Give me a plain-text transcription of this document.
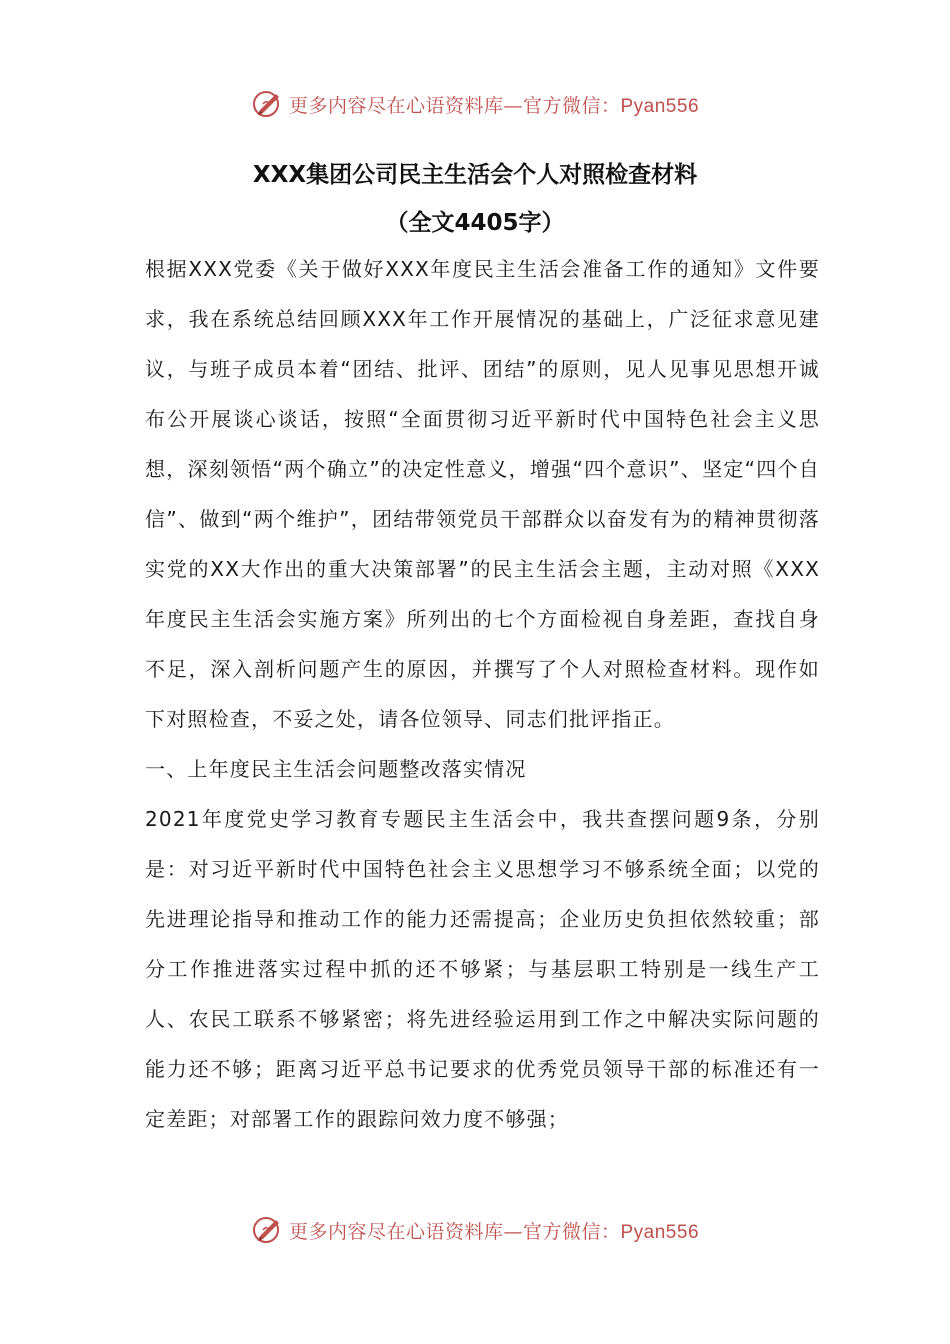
更多内容尽在心语资料库—官方微信：Pyan556
XXX集团公司民主生活会个人对照检查材料
（全文4405字）

根据XXX党委《关于做好XXX年度民主生活会准备工作的通知》文件要求，我在系统总结回顾XXX年工作开展情况的基础上，广泛征求意见建议，与班子成员本着“团结、批评、团结”的原则，见人见事见思想开诚布公开展谈心谈话，按照“全面贯彻习近平新时代中国特色社会主义思想，深刻领悟“两个确立”的决定性意义，增强“四个意识”、坚定“四个自信”、做到“两个维护”，团结带领党员干部群众以奋发有为的精神贯彻落实党的XX大作出的重大决策部署”的民主生活会主题，主动对照《XXX年度民主生活会实施方案》所列出的七个方面检视自身差距，查找自身不足，深入剖析问题产生的原因，并撰写了个人对照检查材料。现作如下对照检查，不妥之处，请各位领导、同志们批评指正。

一、上年度民主生活会问题整改落实情况

2021年度党史学习教育专题民主生活会中，我共查摆问题9条，分别是：对习近平新时代中国特色社会主义思想学习不够系统全面；以党的先进理论指导和推动工作的能力还需提高；企业历史负担依然较重；部分工作推进落实过程中抓的还不够紧；与基层职工特别是一线生产工人、农民工联系不够紧密；将先进经验运用到工作之中解决实际问题的能力还不够；距离习近平总书记要求的优秀党员领导干部的标准还有一定差距；对部署工作的跟踪问效力度不够强；

更多内容尽在心语资料库—官方微信：Pyan556
